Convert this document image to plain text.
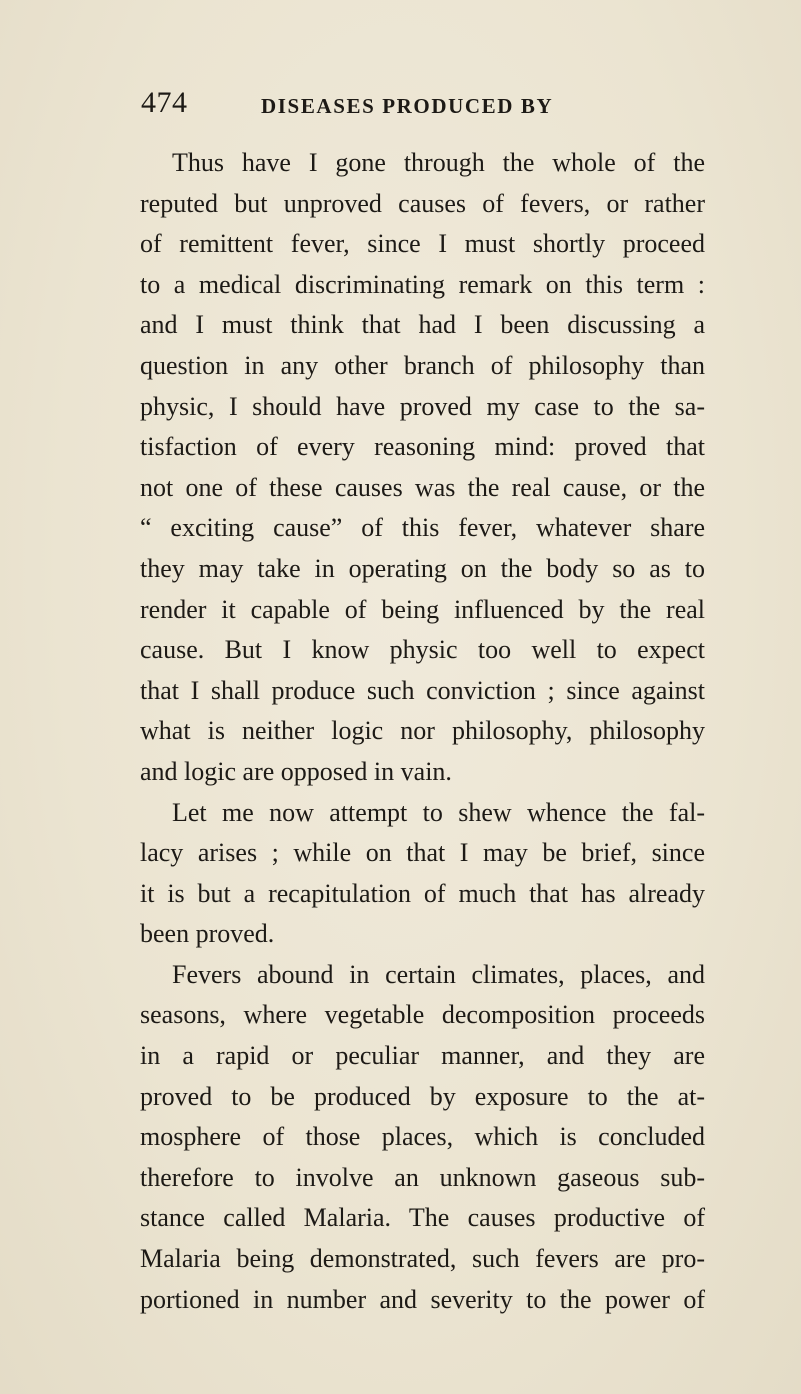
474	DISEASES PRODUCED BY
Thus have I gone through the whole of the
reputed but unproved causes of fevers, or rather
of remittent fever, since I must shortly proceed
to a medical discriminating remark on this term :
and I must think that had I been discussing a
question in any other branch of philosophy than
physic, I should have proved my case to the sa-
tisfaction of every reasoning mind: proved that
not one of these causes was the real cause, or the
“ exciting cause” of this fever, whatever share
they may take in operating on the body so as to
render it capable of being influenced by the real
cause. But I know physic too well to expect
that I shall produce such conviction ; since against
what is neither logic nor philosophy, philosophy
and logic are opposed in vain.
Let me now attempt to shew whence the fal-
lacy arises ; while on that I may be brief, since
it is but a recapitulation of much that has already
been proved.
Fevers abound in certain climates, places, and
seasons, where vegetable decomposition proceeds
in a rapid or peculiar manner, and they are
proved to be produced by exposure to the at-
mosphere of those places, which is concluded
therefore to involve an unknown gaseous sub-
stance called Malaria. The causes productive of
Malaria being demonstrated, such fevers are pro-
portioned in number and severity to the power of
